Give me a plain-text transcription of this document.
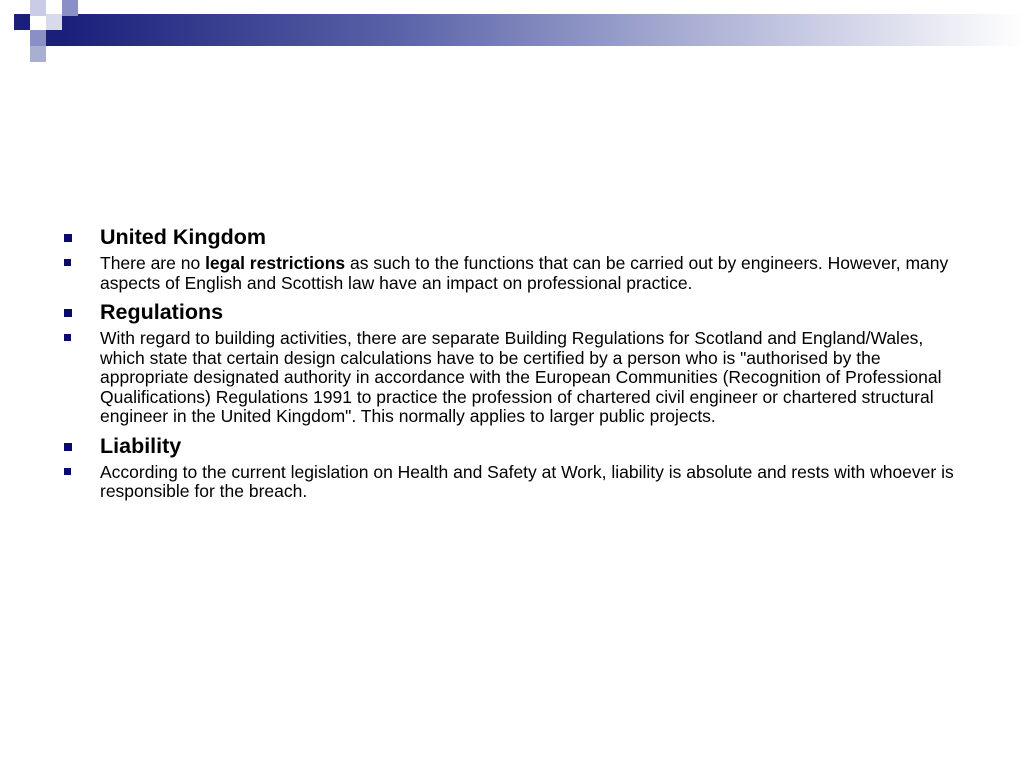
United Kingdom
There are no legal restrictions as such to the functions that can be carried out by engineers. However, many aspects of English and Scottish law have an impact on professional practice.
Regulations
With regard to building activities, there are separate Building Regulations for Scotland and England/Wales, which state that certain design calculations have to be certified by a person who is "authorised by the appropriate designated authority in accordance with the European Communities (Recognition of Professional Qualifications) Regulations 1991 to practice the profession of chartered civil engineer or chartered structural engineer in the United Kingdom". This normally applies to larger public projects.
Liability
According to the current legislation on Health and Safety at Work, liability is absolute and rests with whoever is responsible for the breach.
